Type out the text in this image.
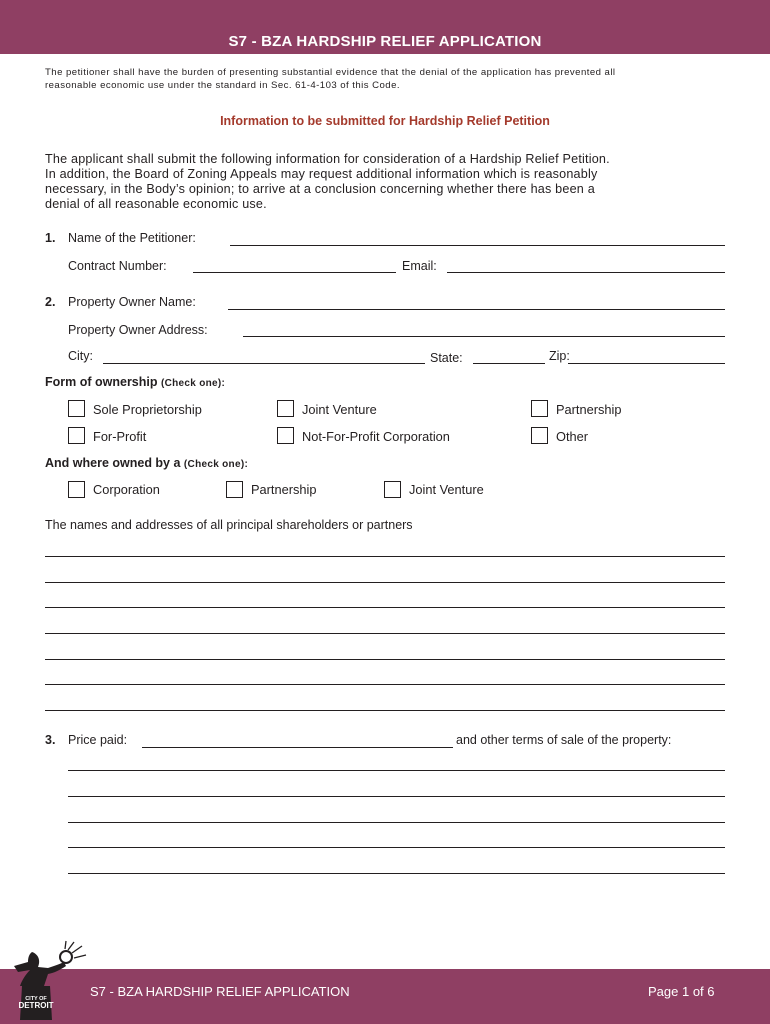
S7 - BZA HARDSHIP RELIEF APPLICATION
The petitioner shall have the burden of presenting substantial evidence that the denial of the application has prevented all
reasonable economic use under the standard in Sec. 61-4-103 of this Code.
Information to be submitted for Hardship Relief Petition
The applicant shall submit the following information for consideration of a Hardship Relief Petition.
In addition, the Board of Zoning Appeals may request additional information which is reasonably
necessary, in the Body’s opinion; to arrive at a conclusion concerning whether there has been a
denial of all reasonable economic use.
1. Name of the Petitioner:
Contract Number:	Email:
2. Property Owner Name:
Property Owner Address:
City:	State:	Zip:
Form of ownership (Check one):
Sole Proprietorship	Joint Venture	Partnership
For-Profit	Not-For-Profit Corporation	Other
And where owned by a (Check one):
Corporation	Partnership	Joint Venture
The names and addresses of all principal shareholders or partners
3. Price paid:	and other terms of sale of the property:
S7 - BZA HARDSHIP RELIEF APPLICATION	Page 1 of 6
CITY OF
DETROIT
